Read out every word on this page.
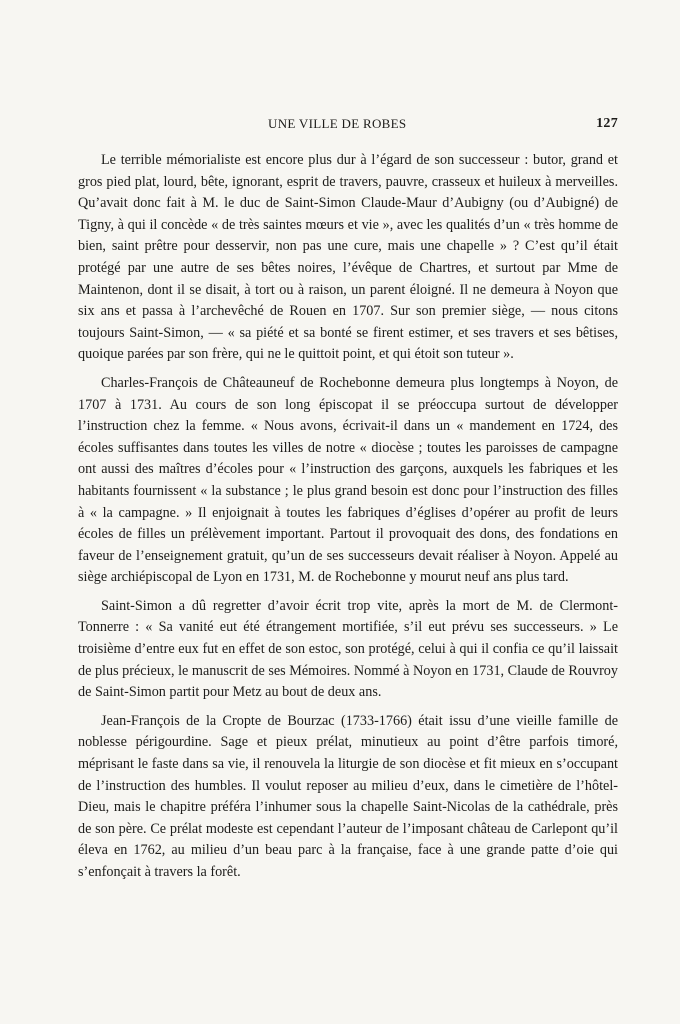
UNE VILLE DE ROBES	127

Le terrible mémorialiste est encore plus dur à l’égard de son successeur : butor, grand et gros pied plat, lourd, bête, ignorant, esprit de travers, pauvre, crasseux et huileux à merveilles. Qu’avait donc fait à M. le duc de Saint-Simon Claude-Maur d’Aubigny (ou d’Aubigné) de Tigny, à qui il concède « de très saintes mœurs et vie », avec les qualités d’un « très homme de bien, saint prêtre pour desservir, non pas une cure, mais une chapelle » ? C’est qu’il était protégé par une autre de ses bêtes noires, l’évêque de Chartres, et surtout par Mme de Maintenon, dont il se disait, à tort ou à raison, un parent éloigné. Il ne demeura à Noyon que six ans et passa à l’archevêché de Rouen en 1707. Sur son premier siège, — nous citons toujours Saint-Simon, — « sa piété et sa bonté se firent estimer, et ses travers et ses bêtises, quoique parées par son frère, qui ne le quittoit point, et qui étoit son tuteur ».

Charles-François de Châteauneuf de Rochebonne demeura plus longtemps à Noyon, de 1707 à 1731. Au cours de son long épiscopat il se préoccupa surtout de développer l’instruction chez la femme. « Nous avons, écrivait-il dans un « mandement en 1724, des écoles suffisantes dans toutes les villes de notre « diocèse ; toutes les paroisses de campagne ont aussi des maîtres d’écoles pour « l’instruction des garçons, auxquels les fabriques et les habitants fournissent « la substance ; le plus grand besoin est donc pour l’instruction des filles à « la campagne. » Il enjoignait à toutes les fabriques d’églises d’opérer au profit de leurs écoles de filles un prélèvement important. Partout il provoquait des dons, des fondations en faveur de l’enseignement gratuit, qu’un de ses successeurs devait réaliser à Noyon. Appelé au siège archiépiscopal de Lyon en 1731, M. de Rochebonne y mourut neuf ans plus tard.

Saint-Simon a dû regretter d’avoir écrit trop vite, après la mort de M. de Clermont-Tonnerre : « Sa vanité eut été étrangement mortifiée, s’il eut prévu ses successeurs. » Le troisième d’entre eux fut en effet de son estoc, son protégé, celui à qui il confia ce qu’il laissait de plus précieux, le manuscrit de ses Mémoires. Nommé à Noyon en 1731, Claude de Rouvroy de Saint-Simon partit pour Metz au bout de deux ans.

Jean-François de la Cropte de Bourzac (1733-1766) était issu d’une vieille famille de noblesse périgourdine. Sage et pieux prélat, minutieux au point d’être parfois timoré, méprisant le faste dans sa vie, il renouvela la liturgie de son diocèse et fit mieux en s’occupant de l’instruction des humbles. Il voulut reposer au milieu d’eux, dans le cimetière de l’hôtel-Dieu, mais le chapitre préféra l’inhumer sous la chapelle Saint-Nicolas de la cathédrale, près de son père. Ce prélat modeste est cependant l’auteur de l’imposant château de Carlepont qu’il éleva en 1762, au milieu d’un beau parc à la française, face à une grande patte d’oie qui s’enfonçait à travers la forêt.
